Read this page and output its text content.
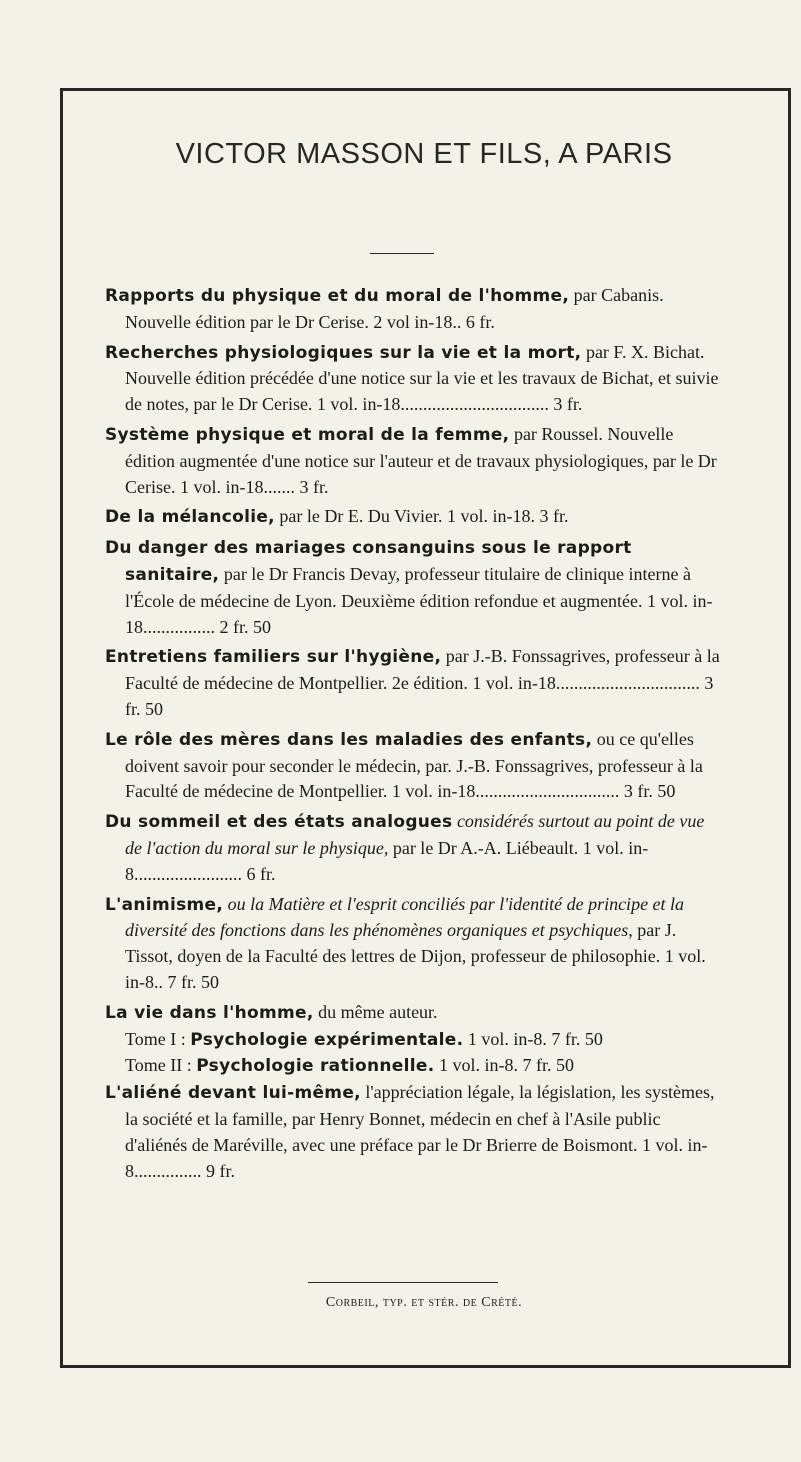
VICTOR MASSON ET FILS, A PARIS

Rapports du physique et du moral de l'homme, par Cabanis. Nouvelle édition par le Dr Cerise. 2 vol in-18.. 6 fr.

Recherches physiologiques sur la vie et la mort, par F. X. Bichat. Nouvelle édition précédée d'une notice sur la vie et les travaux de Bichat, et suivie de notes, par le Dr Cerise. 1 vol. in-18................................. 3 fr.

Système physique et moral de la femme, par Roussel. Nouvelle édition augmentée d'une notice sur l'auteur et de travaux physiologiques, par le Dr Cerise. 1 vol. in-18....... 3 fr.

De la mélancolie, par le Dr E. Du Vivier. 1 vol. in-18. 3 fr.

Du danger des mariages consanguins sous le rapport sanitaire, par le Dr Francis Devay, professeur titulaire de clinique interne à l'École de médecine de Lyon. Deuxième édition refondue et augmentée. 1 vol. in-18................ 2 fr. 50

Entretiens familiers sur l'hygiène, par J.-B. Fonssagrives, professeur à la Faculté de médecine de Montpellier. 2e édition. 1 vol. in-18................................ 3 fr. 50

Le rôle des mères dans les maladies des enfants, ou ce qu'elles doivent savoir pour seconder le médecin, par. J.-B. Fonssagrives, professeur à la Faculté de médecine de Montpellier. 1 vol. in-18................................ 3 fr. 50

Du sommeil et des états analogues considérés surtout au point de vue de l'action du moral sur le physique, par le Dr A.-A. Liébeault. 1 vol. in-8........................ 6 fr.

L'animisme, ou la Matière et l'esprit conciliés par l'identité de principe et la diversité des fonctions dans les phénomènes organiques et psychiques, par J. Tissot, doyen de la Faculté des lettres de Dijon, professeur de philosophie. 1 vol. in-8.. 7 fr. 50

La vie dans l'homme, du même auteur.

Tome I : Psychologie expérimentale. 1 vol. in-8. 7 fr. 50

Tome II : Psychologie rationnelle. 1 vol. in-8. 7 fr. 50

L'aliéné devant lui-même, l'appréciation légale, la législation, les systèmes, la société et la famille, par Henry Bonnet, médecin en chef à l'Asile public d'aliénés de Maréville, avec une préface par le Dr Brierre de Boismont. 1 vol. in-8............... 9 fr.

Corbeil, typ. et stér. de Crété.
